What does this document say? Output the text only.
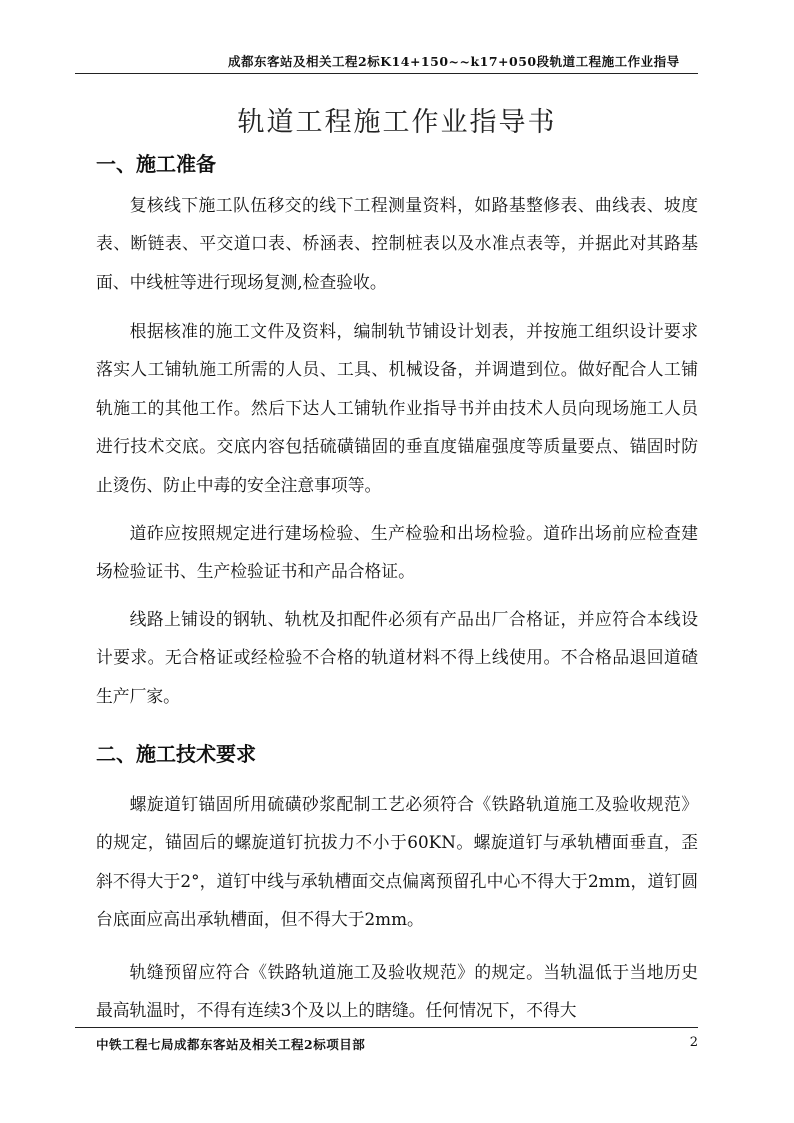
成都东客站及相关工程2标K14+150~~k17+050段轨道工程施工作业指导
轨道工程施工作业指导书
一、施工准备

复核线下施工队伍移交的线下工程测量资料，如路基整修表、曲线表、坡度表、断链表、平交道口表、桥涵表、控制桩表以及水准点表等，并据此对其路基面、中线桩等进行现场复测,检查验收。

根据核准的施工文件及资料，编制轨节铺设计划表，并按施工组织设计要求落实人工铺轨施工所需的人员、工具、机械设备，并调遣到位。做好配合人工铺轨施工的其他工作。然后下达人工铺轨作业指导书并由技术人员向现场施工人员进行技术交底。交底内容包括硫磺锚固的垂直度锚雇强度等质量要点、锚固时防止烫伤、防止中毒的安全注意事项等。

道砟应按照规定进行建场检验、生产检验和出场检验。道砟出场前应检查建场检验证书、生产检验证书和产品合格证。

线路上铺设的钢轨、轨枕及扣配件必须有产品出厂合格证，并应符合本线设计要求。无合格证或经检验不合格的轨道材料不得上线使用。不合格品退回道碴生产厂家。

二、施工技术要求

螺旋道钉锚固所用硫磺砂浆配制工艺必须符合《铁路轨道施工及验收规范》的规定，锚固后的螺旋道钉抗拔力不小于60KN。螺旋道钉与承轨槽面垂直，歪斜不得大于2°，道钉中线与承轨槽面交点偏离预留孔中心不得大于2mm，道钉圆台底面应高出承轨槽面，但不得大于2mm。

轨缝预留应符合《铁路轨道施工及验收规范》的规定。当轨温低于当地历史最高轨温时，不得有连续3个及以上的瞎缝。任何情况下，不得大

中铁工程七局成都东客站及相关工程2标项目部	2
